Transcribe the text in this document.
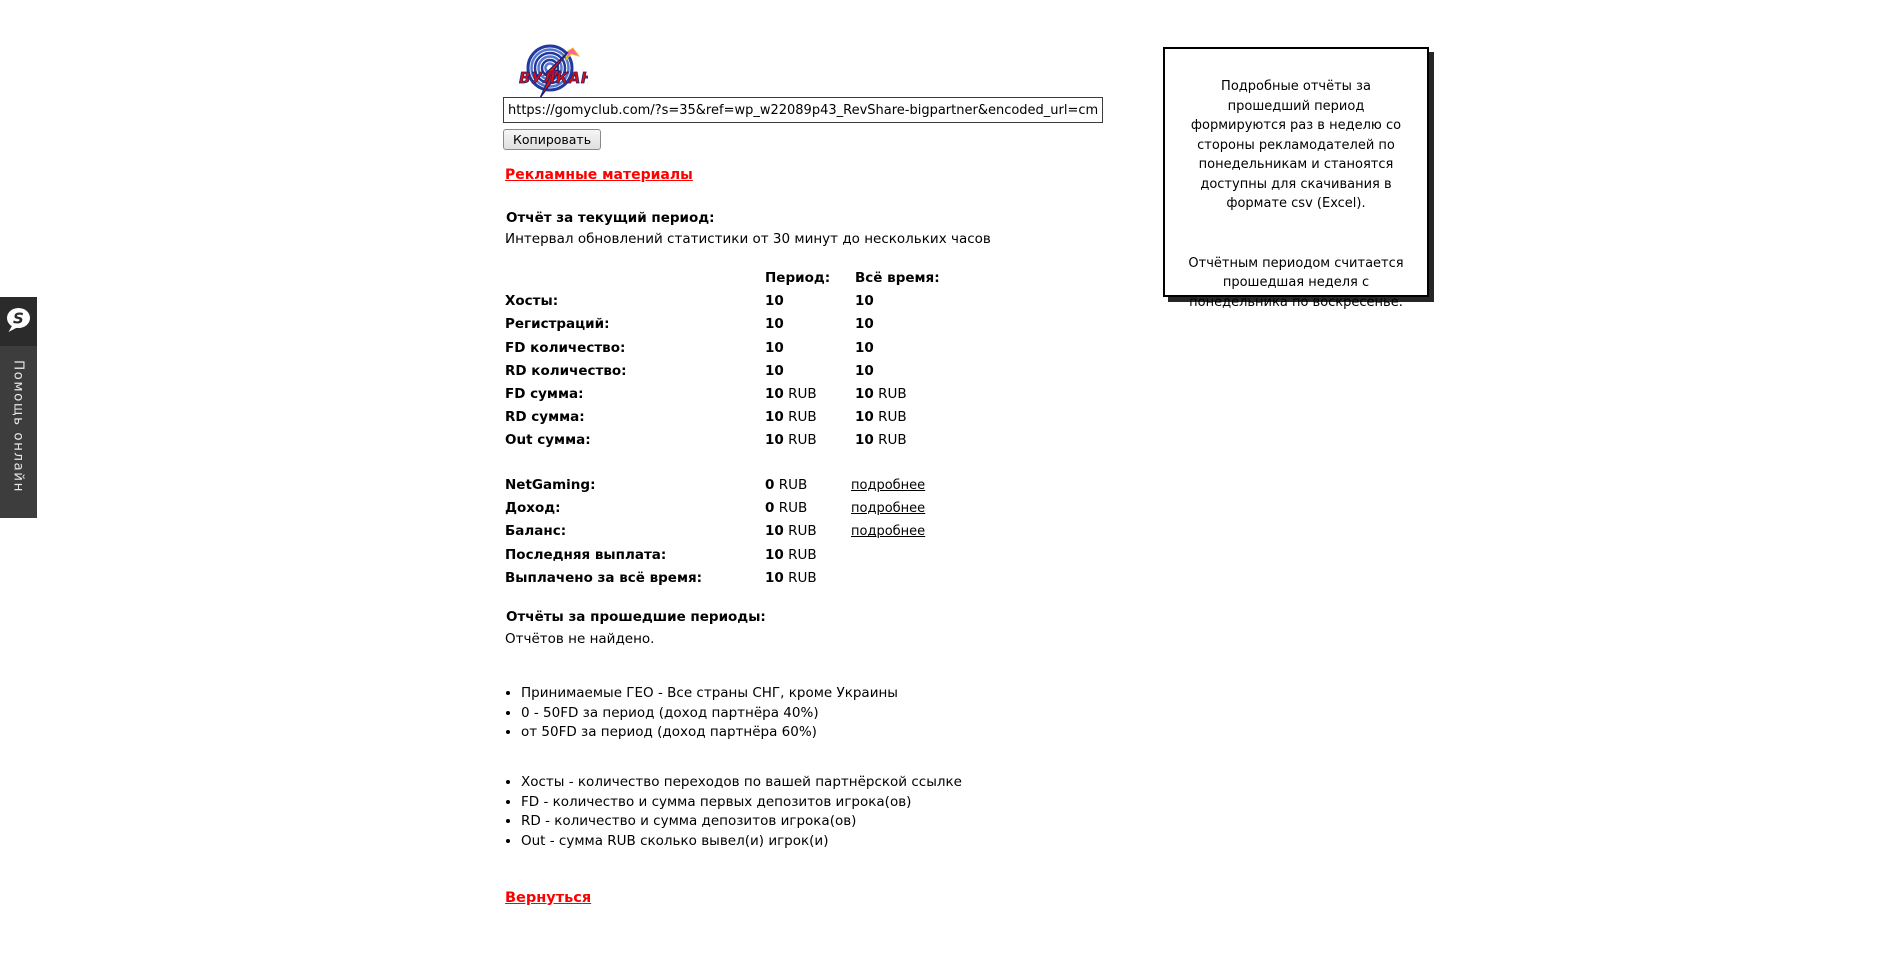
S
Помощь онлайн
ВУЛКАН
https://gomyclub.com/?s=35&ref=wp_w22089p43_RevShare-bigpartner&encoded_url=cmVnaXN
Копировать
Рекламные материалы
Отчёт за текущий период:
Интервал обновлений статистики от 30 минут до нескольких часов
Период:	Всё время:
Хосты:	10	10
Регистраций:	10	10
FD количество:	10	10
RD количество:	10	10
FD сумма:	10 RUB	10 RUB
RD сумма:	10 RUB	10 RUB
Out сумма:	10 RUB	10 RUB
NetGaming:	0 RUB	подробнее
Доход:	0 RUB	подробнее
Баланс:	10 RUB	подробнее
Последняя выплата:	10 RUB
Выплачено за всё время:	10 RUB
Отчёты за прошедшие периоды:
Отчётов не найдено.
• Принимаемые ГЕО - Все страны СНГ, кроме Украины
• 0 - 50FD за период (доход партнёра 40%)
• от 50FD за период (доход партнёра 60%)
• Хосты - количество переходов по вашей партнёрской ссылке
• FD - количество и сумма первых депозитов игрока(ов)
• RD - количество и сумма депозитов игрока(ов)
• Out - сумма RUB сколько вывел(и) игрок(и)
Вернуться

Подробные отчёты за прошедший период формируются раз в неделю со стороны рекламодателей по понедельникам и станоятся доступны для скачивания в формате csv (Excel).

Отчётным периодом считается прошедшая неделя с понедельника по воскресенье.
